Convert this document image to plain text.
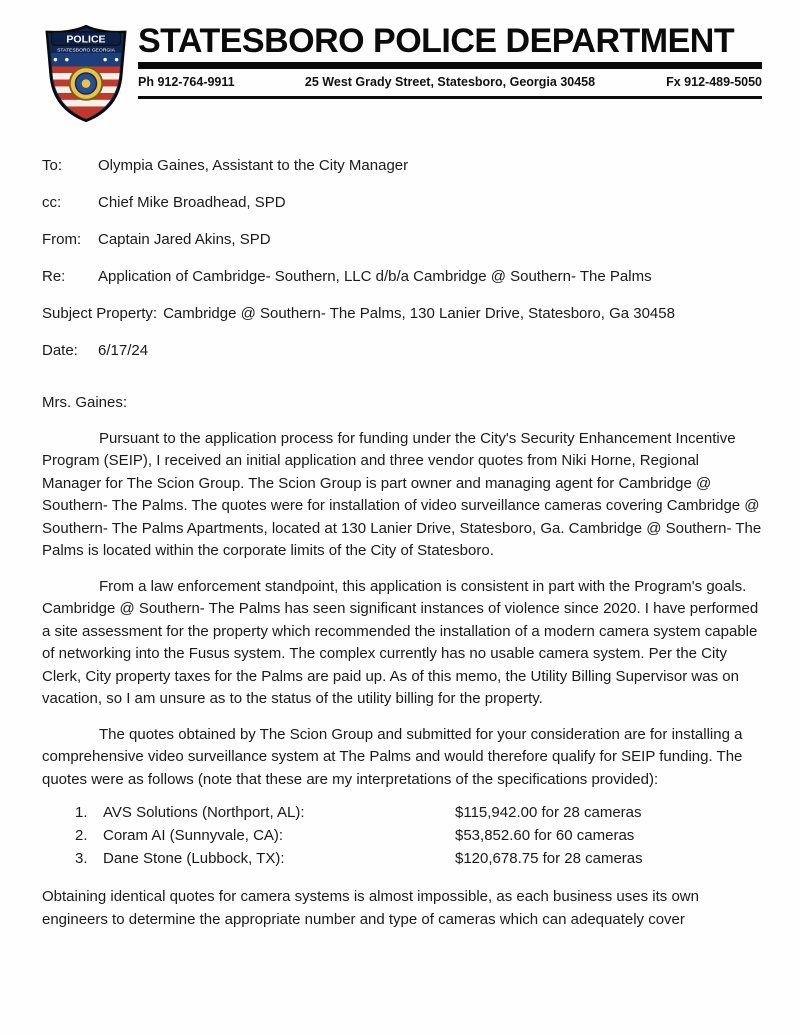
POLICE
STATESBORO GEORGIA STATESBORO POLICE DEPARTMENT
Ph 912-764-9911	25 West Grady Street, Statesboro, Georgia 30458	Fx 912-489-5050
To: Olympia Gaines, Assistant to the City Manager
cc: Chief Mike Broadhead, SPD
From: Captain Jared Akins, SPD
Re: Application of Cambridge- Southern, LLC d/b/a Cambridge @ Southern- The Palms
Subject Property: Cambridge @ Southern- The Palms, 130 Lanier Drive, Statesboro, Ga 30458
Date: 6/17/24
Mrs. Gaines:

Pursuant to the application process for funding under the City's Security Enhancement Incentive Program (SEIP), I received an initial application and three vendor quotes from Niki Horne, Regional Manager for The Scion Group. The Scion Group is part owner and managing agent for Cambridge @ Southern- The Palms. The quotes were for installation of video surveillance cameras covering Cambridge @ Southern- The Palms Apartments, located at 130 Lanier Drive, Statesboro, Ga. Cambridge @ Southern- The Palms is located within the corporate limits of the City of Statesboro.

From a law enforcement standpoint, this application is consistent in part with the Program's goals. Cambridge @ Southern- The Palms has seen significant instances of violence since 2020. I have performed a site assessment for the property which recommended the installation of a modern camera system capable of networking into the Fusus system. The complex currently has no usable camera system. Per the City Clerk, City property taxes for the Palms are paid up. As of this memo, the Utility Billing Supervisor was on vacation, so I am unsure as to the status of the utility billing for the property.

The quotes obtained by The Scion Group and submitted for your consideration are for installing a comprehensive video surveillance system at The Palms and would therefore qualify for SEIP funding. The quotes were as follows (note that these are my interpretations of the specifications provided):

1.	AVS Solutions (Northport, AL):	$115,942.00 for 28 cameras
2.	Coram AI (Sunnyvale, CA):	$53,852.60 for 60 cameras
3.	Dane Stone (Lubbock, TX):	$120,678.75 for 28 cameras

Obtaining identical quotes for camera systems is almost impossible, as each business uses its own engineers to determine the appropriate number and type of cameras which can adequately cover
